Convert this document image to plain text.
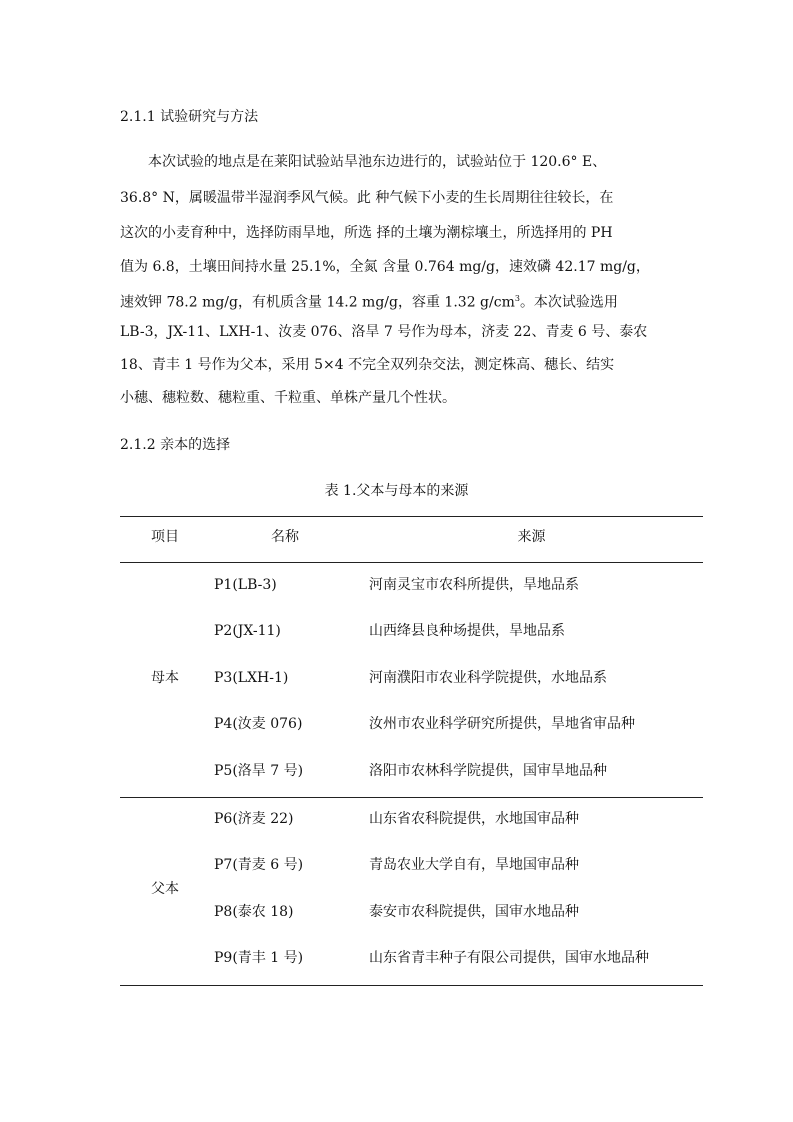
2.1.1 试验研究与方法
　　本次试验的地点是在莱阳试验站旱池东边进行的，试验站位于 120.6° E、
36.8° N，属暖温带半湿润季风气候。此 种气候下小麦的生长周期往往较长，在
这次的小麦育种中，选择防雨旱地，所选 择的土壤为潮棕壤土，所选择用的 PH
值为 6.8，土壤田间持水量 25.1%，全氮 含量 0.764 mg/g，速效磷 42.17 mg/g，
速效钾 78.2 mg/g，有机质含量 14.2 mg/g，容重 1.32 $g/cm^3$。本次试验选用
LB-3，JX-11、LXH-1、汝麦 076、洛旱 7 号作为母本，济麦 22、青麦 6 号、泰农
18、青丰 1 号作为父本，采用 5×4 不完全双列杂交法，测定株高、穗长、结实
小穗、穗粒数、穗粒重、千粒重、单株产量几个性状。
2.1.2 亲本的选择
表 1.父本与母本的来源
项目	名称	来源
母本
P1(LB-3)	河南灵宝市农科所提供，旱地品系
P2(JX-11)	山西绛县良种场提供，旱地品系
P3(LXH-1)	河南濮阳市农业科学院提供，水地品系
P4(汝麦 076)	汝州市农业科学研究所提供，旱地省审品种
P5(洛旱 7 号)	洛阳市农林科学院提供，国审旱地品种
父本
P6(济麦 22)	山东省农科院提供，水地国审品种
P7(青麦 6 号)	青岛农业大学自有，旱地国审品种
P8(泰农 18)	泰安市农科院提供，国审水地品种
P9(青丰 1 号)	山东省青丰种子有限公司提供，国审水地品种
